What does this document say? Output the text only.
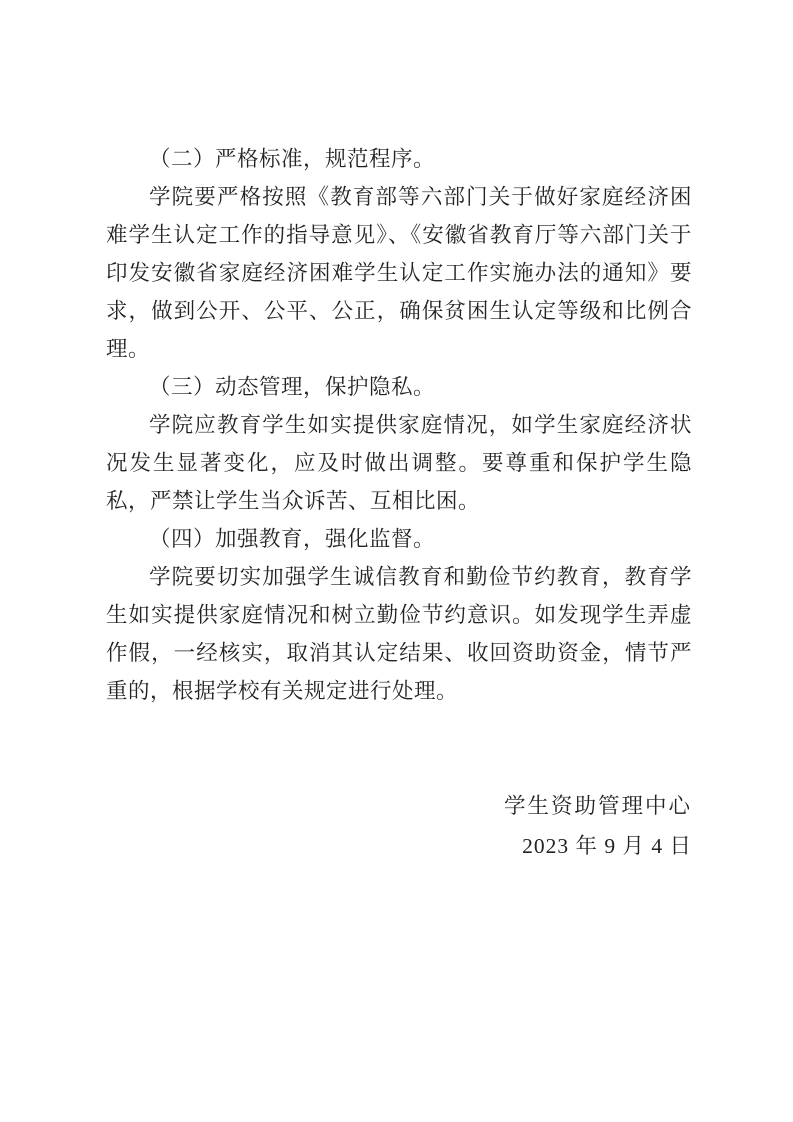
（二）严格标准，规范程序。

学院要严格按照《教育部等六部门关于做好家庭经济困难学生认定工作的指导意见》、《安徽省教育厅等六部门关于印发安徽省家庭经济困难学生认定工作实施办法的通知》要求，做到公开、公平、公正，确保贫困生认定等级和比例合理。

（三）动态管理，保护隐私。

学院应教育学生如实提供家庭情况，如学生家庭经济状况发生显著变化，应及时做出调整。要尊重和保护学生隐私，严禁让学生当众诉苦、互相比困。

（四）加强教育，强化监督。

学院要切实加强学生诚信教育和勤俭节约教育，教育学生如实提供家庭情况和树立勤俭节约意识。如发现学生弄虚作假，一经核实，取消其认定结果、收回资助资金，情节严重的，根据学校有关规定进行处理。

学生资助管理中心
2023 年 9 月 4 日
